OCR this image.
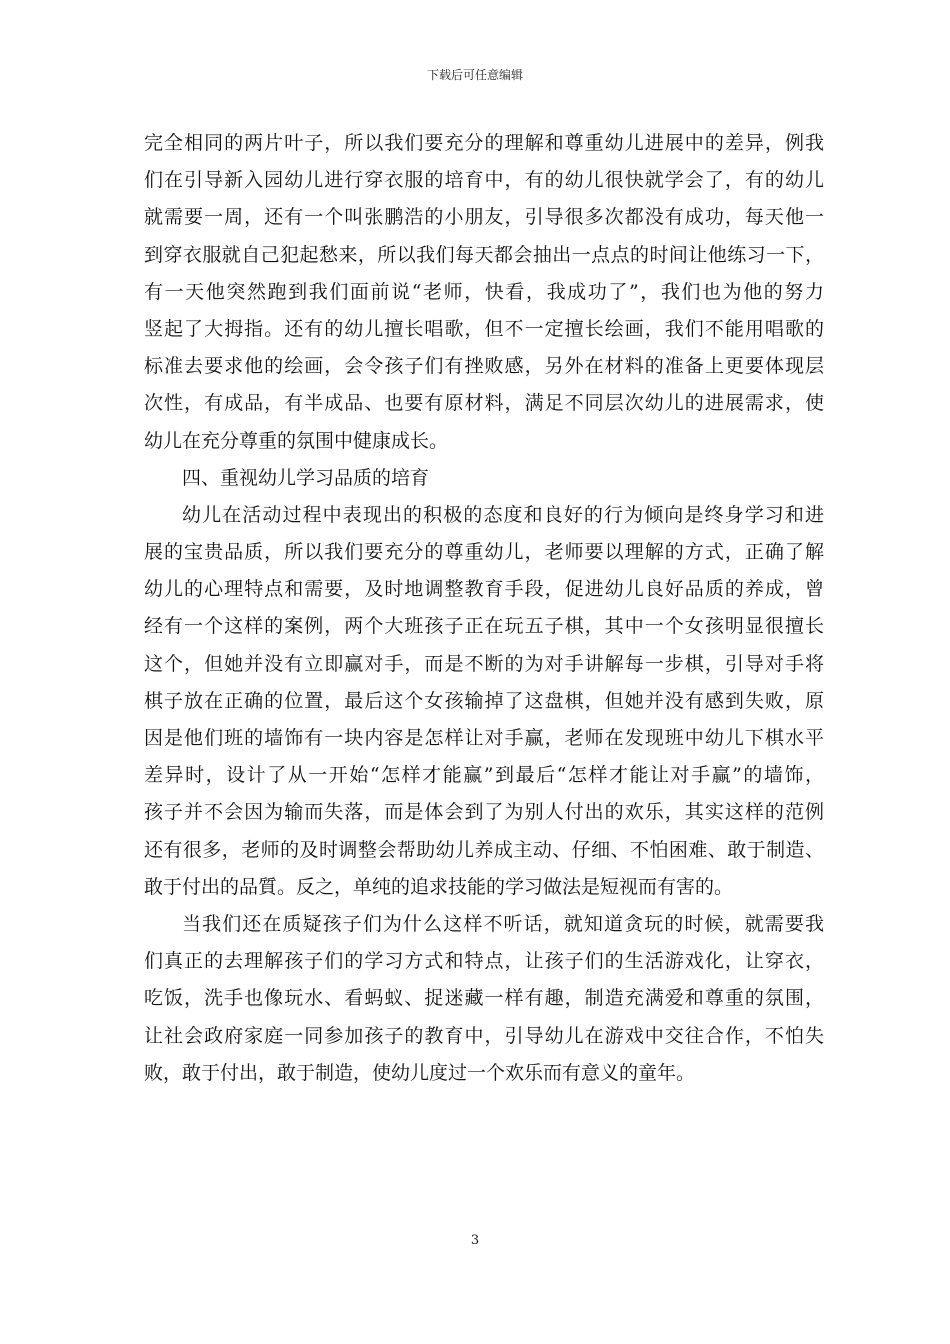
下载后可任意编辑
完全相同的两片叶子，所以我们要充分的理解和尊重幼儿进展中的差异，例我
们在引导新入园幼儿进行穿衣服的培育中，有的幼儿很快就学会了，有的幼儿
就需要一周，还有一个叫张鹏浩的小朋友，引导很多次都没有成功，每天他一
到穿衣服就自己犯起愁来，所以我们每天都会抽出一点点的时间让他练习一下，
有一天他突然跑到我们面前说“老师，快看，我成功了”，我们也为他的努力
竖起了大拇指。还有的幼儿擅长唱歌，但不一定擅长绘画，我们不能用唱歌的
标准去要求他的绘画，会令孩子们有挫败感，另外在材料的准备上更要体现层
次性，有成品，有半成品、也要有原材料，满足不同层次幼儿的进展需求，使
幼儿在充分尊重的氛围中健康成长。
四、重视幼儿学习品质的培育
幼儿在活动过程中表现出的积极的态度和良好的行为倾向是终身学习和进
展的宝贵品质，所以我们要充分的尊重幼儿，老师要以理解的方式，正确了解
幼儿的心理特点和需要，及时地调整教育手段，促进幼儿良好品质的养成，曾
经有一个这样的案例，两个大班孩子正在玩五子棋，其中一个女孩明显很擅长
这个，但她并没有立即赢对手，而是不断的为对手讲解每一步棋，引导对手将
棋子放在正确的位置，最后这个女孩输掉了这盘棋，但她并没有感到失败，原
因是他们班的墙饰有一块内容是怎样让对手赢，老师在发现班中幼儿下棋水平
差异时，设计了从一开始“怎样才能赢”到最后“怎样才能让对手赢”的墙饰，
孩子并不会因为输而失落，而是体会到了为别人付出的欢乐，其实这样的范例
还有很多，老师的及时调整会帮助幼儿养成主动、仔细、不怕困难、敢于制造、
敢于付出的品質。反之，单纯的追求技能的学习做法是短视而有害的。
当我们还在质疑孩子们为什么这样不听话，就知道贪玩的时候，就需要我
们真正的去理解孩子们的学习方式和特点，让孩子们的生活游戏化，让穿衣，
吃饭，洗手也像玩水、看蚂蚁、捉迷藏一样有趣，制造充满爱和尊重的氛围，
让社会政府家庭一同参加孩子的教育中，引导幼儿在游戏中交往合作，不怕失
败，敢于付出，敢于制造，使幼儿度过一个欢乐而有意义的童年。
3
